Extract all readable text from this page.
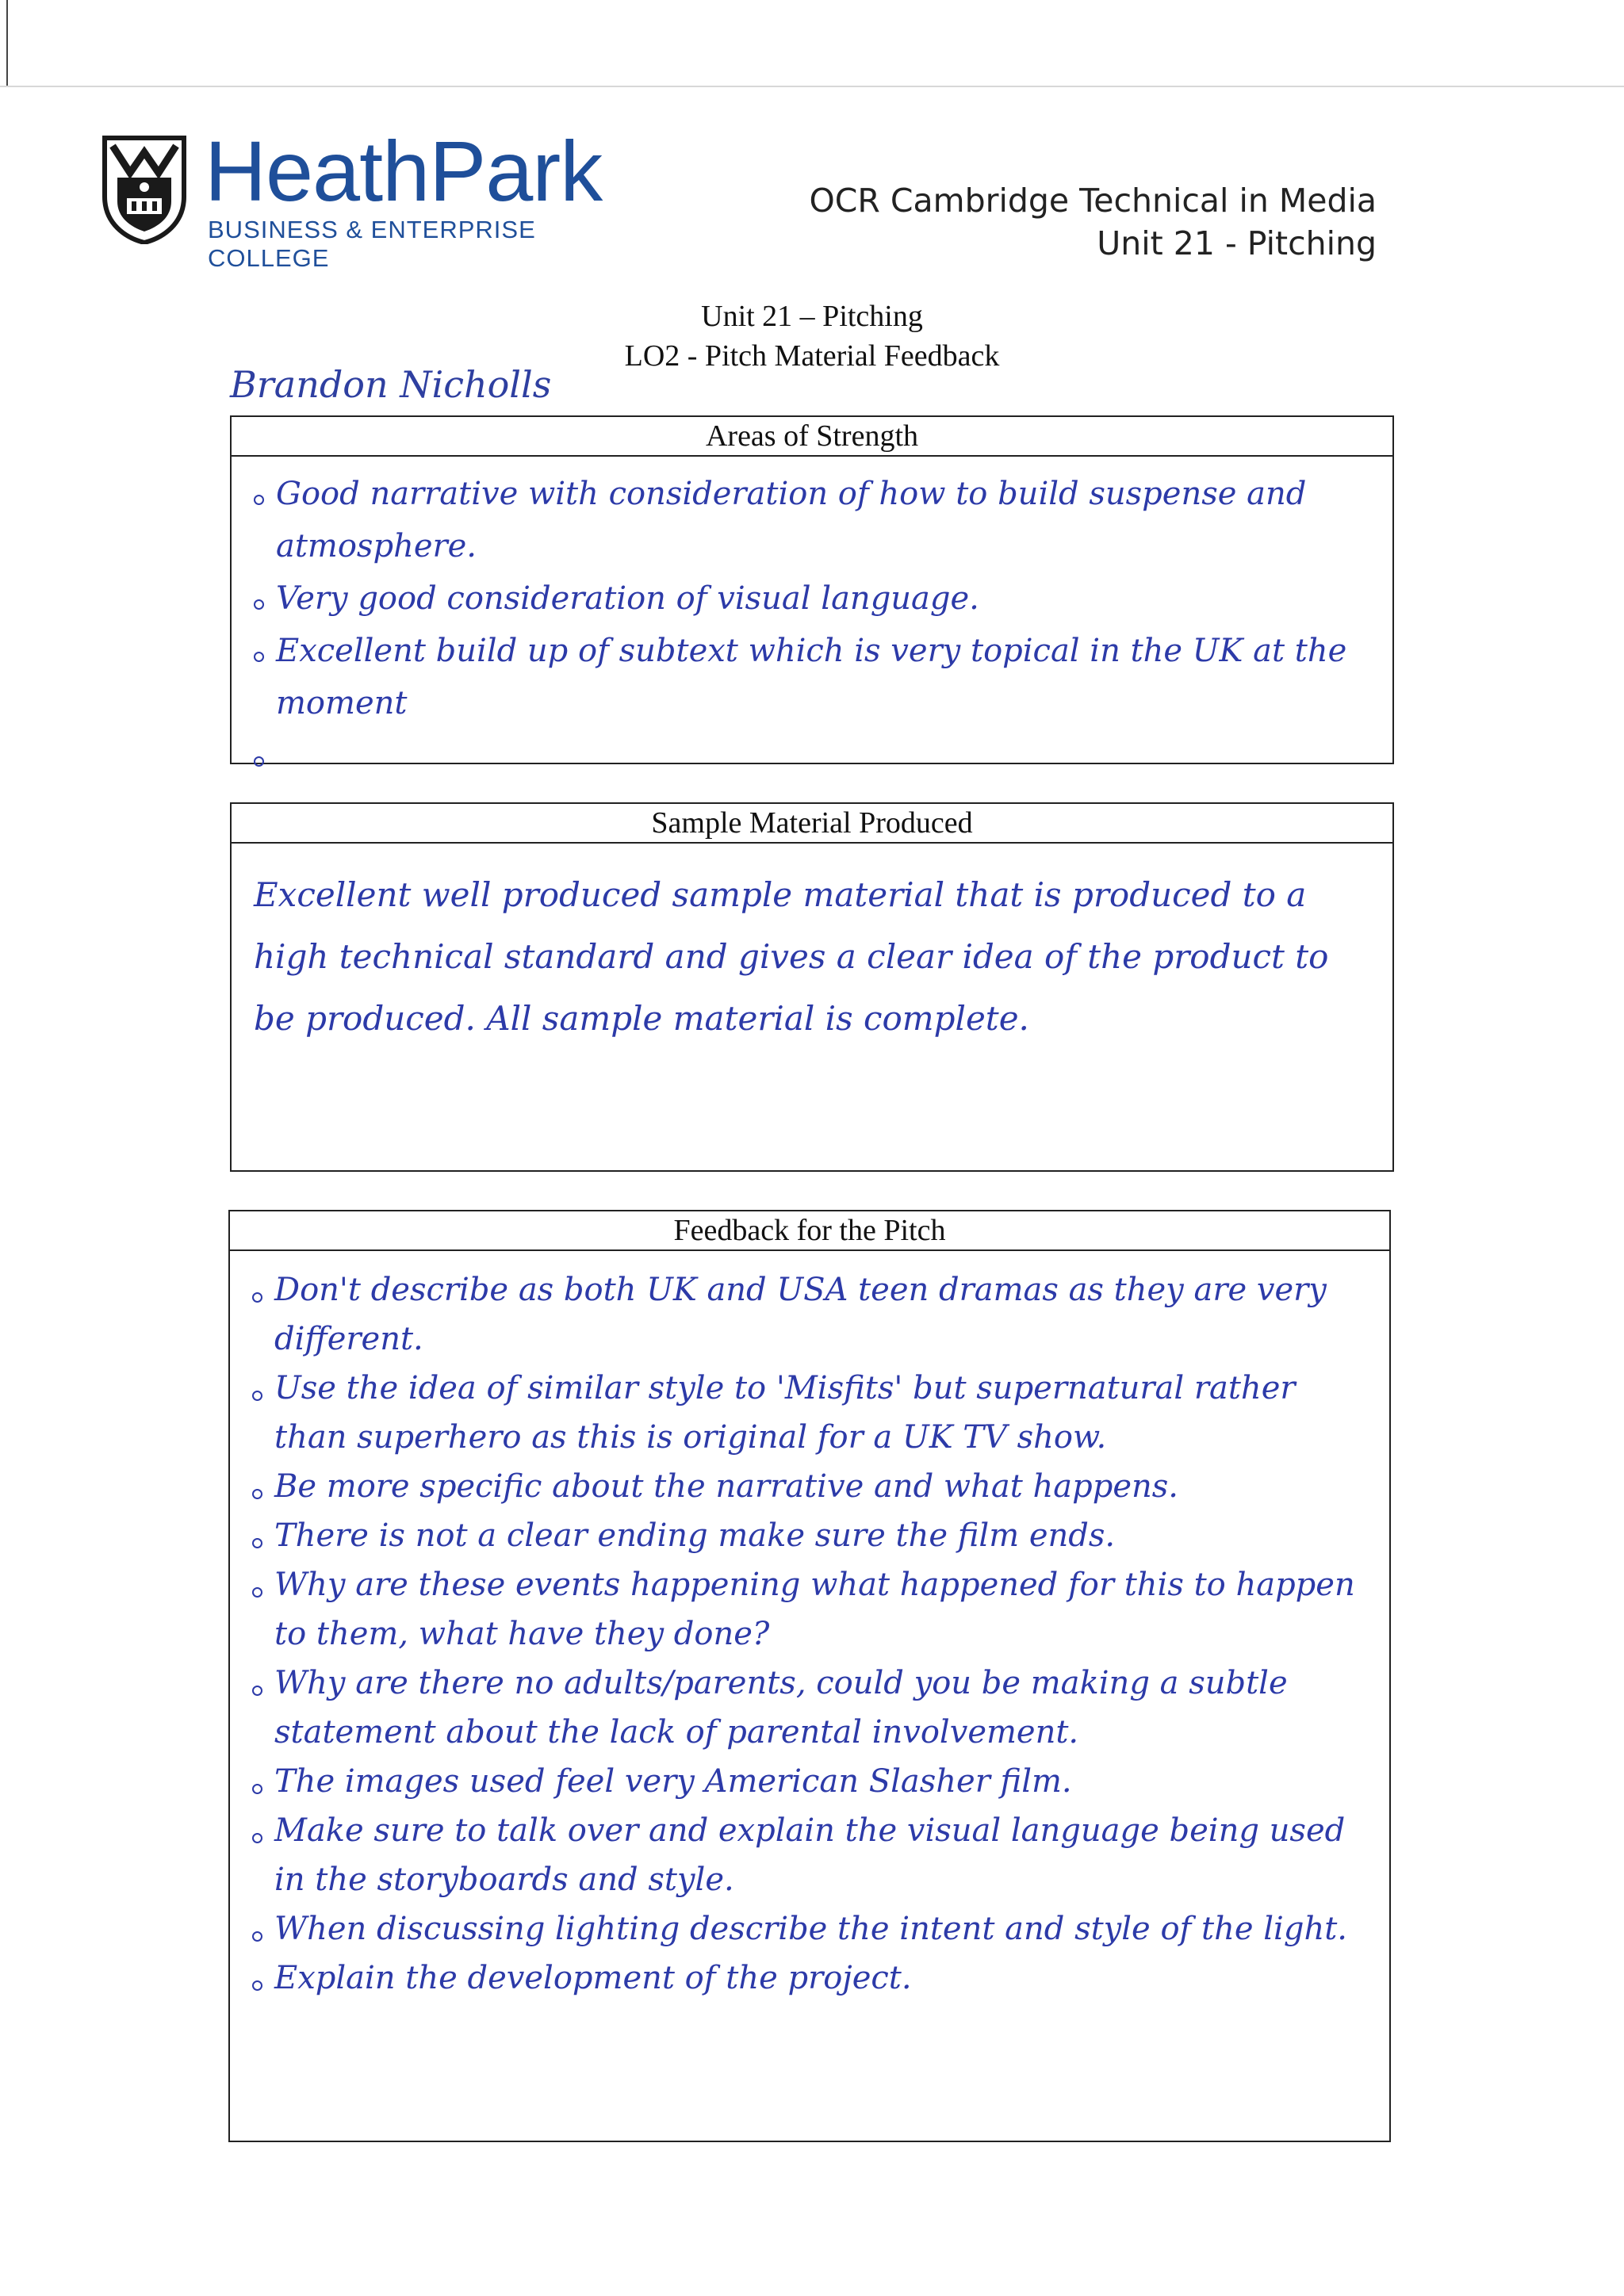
HeathPark
BUSINESS & ENTERPRISE COLLEGE
OCR Cambridge Technical in Media
Unit 21 - Pitching
Unit 21 – Pitching
LO2 - Pitch Material Feedback
Brandon Nicholls
Areas of Strength
Good narrative with consideration of how to build suspense and atmosphere.
Very good consideration of visual language.
Excellent build up of subtext which is very topical in the UK at the moment
Sample Material Produced

Excellent well produced sample material that is produced to a high technical standard and gives a clear idea of the product to be produced. All sample material is complete.

Feedback for the Pitch
Don't describe as both UK and USA teen dramas as they are very different.
Use the idea of similar style to 'Misfits' but supernatural rather than superhero as this is original for a UK TV show.
Be more specific about the narrative and what happens.
There is not a clear ending make sure the film ends.
Why are these events happening what happened for this to happen to them, what have they done?
Why are there no adults/parents, could you be making a subtle statement about the lack of parental involvement.
The images used feel very American Slasher film.
Make sure to talk over and explain the visual language being used in the storyboards and style.
When discussing lighting describe the intent and style of the light.
Explain the development of the project.
